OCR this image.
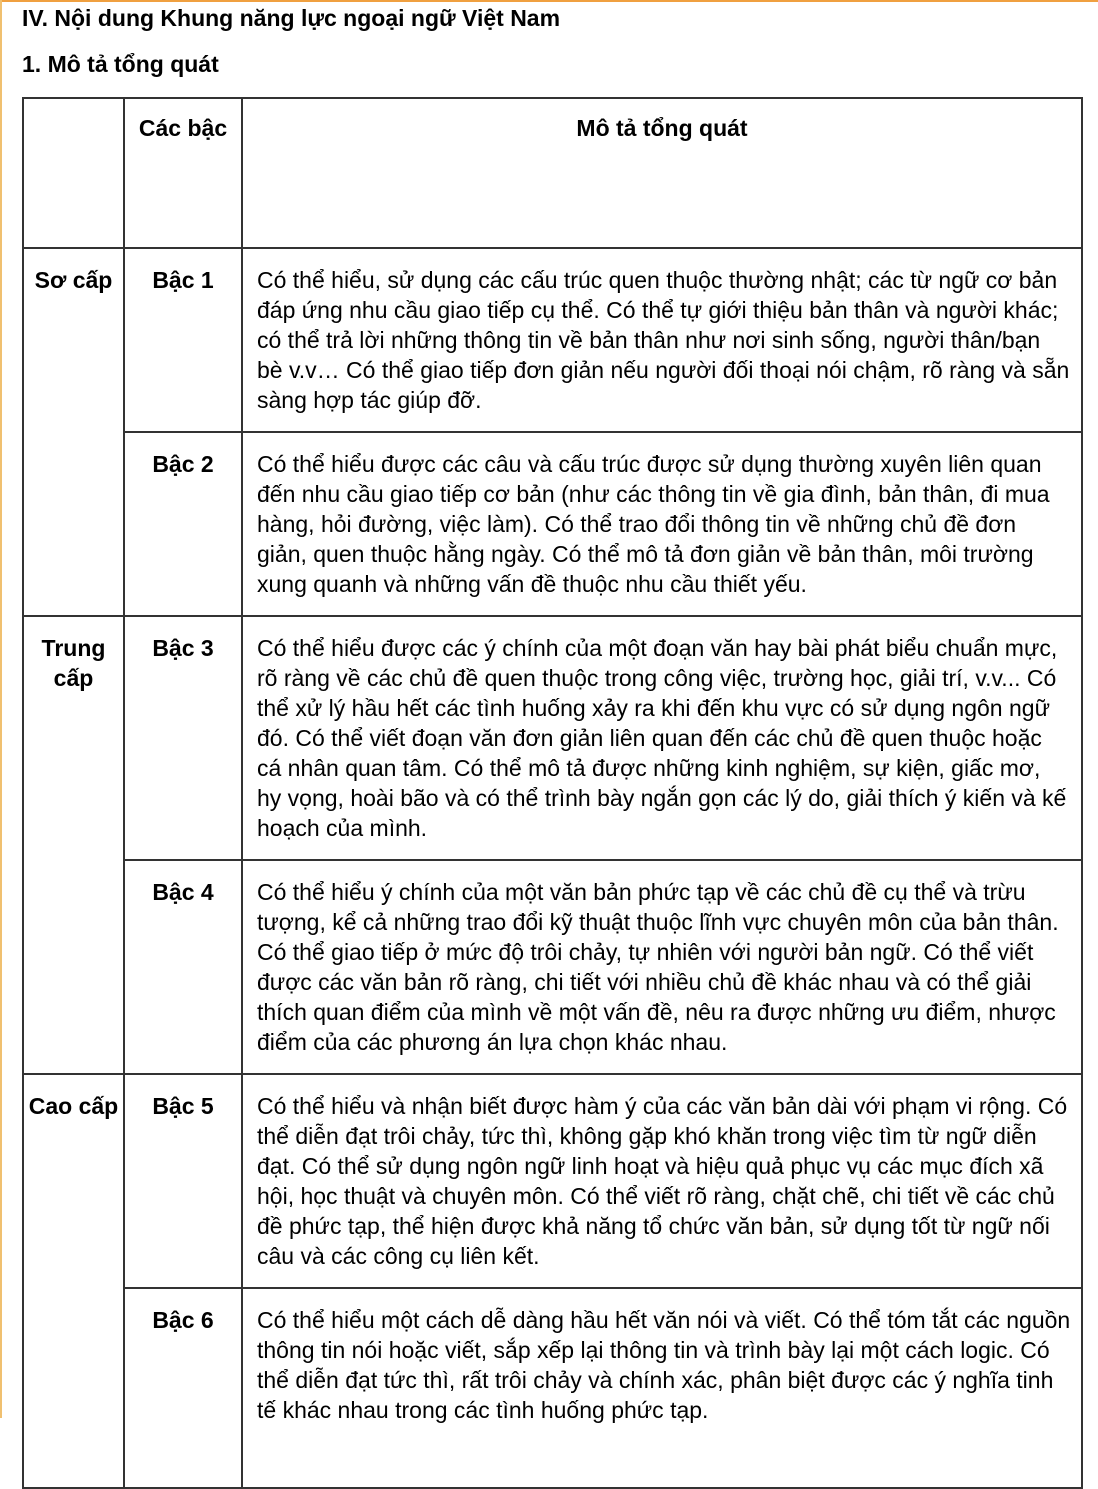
IV. Nội dung Khung năng lực ngoại ngữ Việt Nam
1. Mô tả tổng quát
	Các bậc	Mô tả tổng quát
Sơ cấp	Bậc 1	Có thể hiểu, sử dụng các cấu trúc quen thuộc thường nhật; các từ ngữ cơ bản đáp ứng nhu cầu giao tiếp cụ thể. Có thể tự giới thiệu bản thân và người khác; có thể trả lời những thông tin về bản thân như nơi sinh sống, người thân/bạn bè v.v… Có thể giao tiếp đơn giản nếu người đối thoại nói chậm, rõ ràng và sẵn sàng hợp tác giúp đỡ.
	Bậc 2	Có thể hiểu được các câu và cấu trúc được sử dụng thường xuyên liên quan đến nhu cầu giao tiếp cơ bản (như các thông tin về gia đình, bản thân, đi mua hàng, hỏi đường, việc làm). Có thể trao đổi thông tin về những chủ đề đơn giản, quen thuộc hằng ngày. Có thể mô tả đơn giản về bản thân, môi trường xung quanh và những vấn đề thuộc nhu cầu thiết yếu.
Trung cấp	Bậc 3	Có thể hiểu được các ý chính của một đoạn văn hay bài phát biểu chuẩn mực, rõ ràng về các chủ đề quen thuộc trong công việc, trường học, giải trí, v.v... Có thể xử lý hầu hết các tình huống xảy ra khi đến khu vực có sử dụng ngôn ngữ đó. Có thể viết đoạn văn đơn giản liên quan đến các chủ đề quen thuộc hoặc cá nhân quan tâm. Có thể mô tả được những kinh nghiệm, sự kiện, giấc mơ, hy vọng, hoài bão và có thể trình bày ngắn gọn các lý do, giải thích ý kiến và kế hoạch của mình.
	Bậc 4	Có thể hiểu ý chính của một văn bản phức tạp về các chủ đề cụ thể và trừu tượng, kể cả những trao đổi kỹ thuật thuộc lĩnh vực chuyên môn của bản thân. Có thể giao tiếp ở mức độ trôi chảy, tự nhiên với người bản ngữ. Có thể viết được các văn bản rõ ràng, chi tiết với nhiều chủ đề khác nhau và có thể giải thích quan điểm của mình về một vấn đề, nêu ra được những ưu điểm, nhược điểm của các phương án lựa chọn khác nhau.
Cao cấp	Bậc 5	Có thể hiểu và nhận biết được hàm ý của các văn bản dài với phạm vi rộng. Có thể diễn đạt trôi chảy, tức thì, không gặp khó khăn trong việc tìm từ ngữ diễn đạt. Có thể sử dụng ngôn ngữ linh hoạt và hiệu quả phục vụ các mục đích xã hội, học thuật và chuyên môn. Có thể viết rõ ràng, chặt chẽ, chi tiết về các chủ đề phức tạp, thể hiện được khả năng tổ chức văn bản, sử dụng tốt từ ngữ nối câu và các công cụ liên kết.
	Bậc 6	Có thể hiểu một cách dễ dàng hầu hết văn nói và viết. Có thể tóm tắt các nguồn thông tin nói hoặc viết, sắp xếp lại thông tin và trình bày lại một cách logic. Có thể diễn đạt tức thì, rất trôi chảy và chính xác, phân biệt được các ý nghĩa tinh tế khác nhau trong các tình huống phức tạp.
